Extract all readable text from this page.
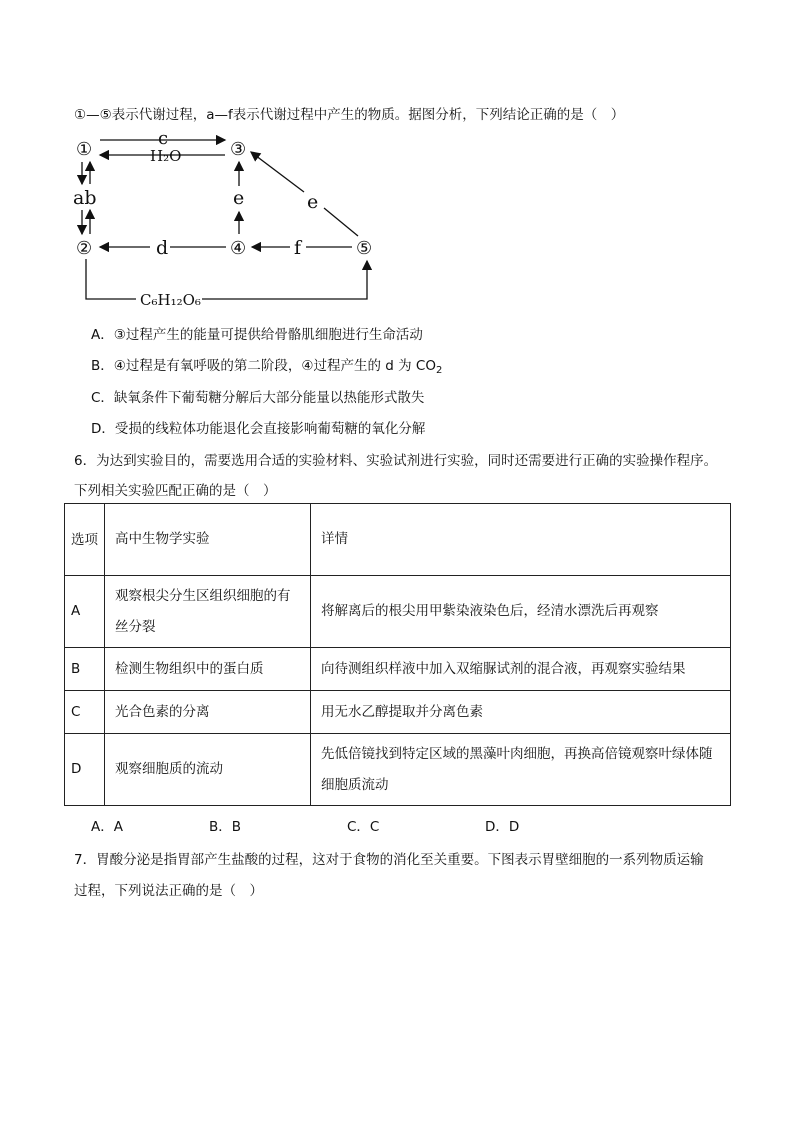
①—⑤表示代谢过程，a—f表示代谢过程中产生的物质。据图分析，下列结论正确的是（　）
①
②
③
④	⑤
c
H₂O
ab	e	e
f
d
C₆H₁₂O₆
A．③过程产生的能量可提供给骨骼肌细胞进行生命活动
B．④过程是有氧呼吸的第二阶段，④过程产生的 d 为 $CO_2$
C．缺氧条件下葡萄糖分解后大部分能量以热能形式散失
D．受损的线粒体功能退化会直接影响葡萄糖的氧化分解
6．为达到实验目的，需要选用合适的实验材料、实验试剂进行实验，同时还需要进行正确的实验操作程序。
下列相关实验匹配正确的是（　）
选项	高中生物学实验	详情
A	观察根尖分生区组织细胞的有丝分裂	将解离后的根尖用甲紫染液染色后，经清水漂洗后再观察
B	检测生物组织中的蛋白质	向待测组织样液中加入双缩脲试剂的混合液，再观察实验结果
C	光合色素的分离	用无水乙醇提取并分离色素
D	观察细胞质的流动	先低倍镜找到特定区域的黑藻叶肉细胞，再换高倍镜观察叶绿体随细胞质流动
A．A	B．B	C．C	D．D
7．胃酸分泌是指胃部产生盐酸的过程，这对于食物的消化至关重要。下图表示胃壁细胞的一系列物质运输
过程，下列说法正确的是（　）
